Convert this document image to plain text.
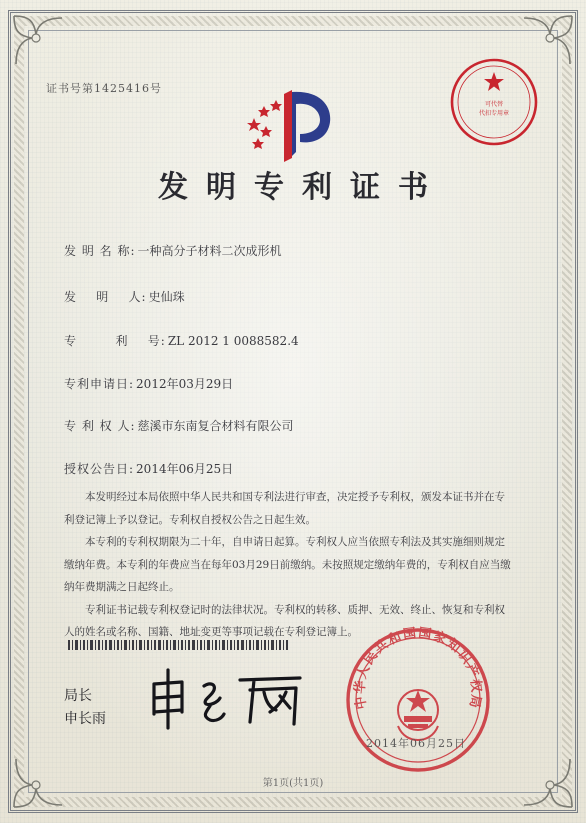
证书号第1425416号
发明专利证书
发 明 名 称: 一种高分子材料二次成形机
发    明    人: 史仙珠
专        利    号: ZL 2012 1 0088582.4
专利申请日: 2012年03月29日
专 利 权 人: 慈溪市东南复合材料有限公司
授权公告日: 2014年06月25日

本发明经过本局依照中华人民共和国专利法进行审查，决定授予专利权，颁发本证书并在专利登记簿上予以登记。专利权自授权公告之日起生效。

本专利的专利权期限为二十年，自申请日起算。专利权人应当依照专利法及其实施细则规定缴纳年费。本专利的年费应当在每年03月29日前缴纳。未按照规定缴纳年费的，专利权自应当缴纳年费期满之日起终止。

专利证书记载专利权登记时的法律状况。专利权的转移、质押、无效、终止、恢复和专利权人的姓名或名称、国籍、地址变更等事项记载在专利登记簿上。

局长
申长雨
可代替
代扣专用章
中华人民共和国国家知识产权局
2014年06月25日
第1页(共1页)
